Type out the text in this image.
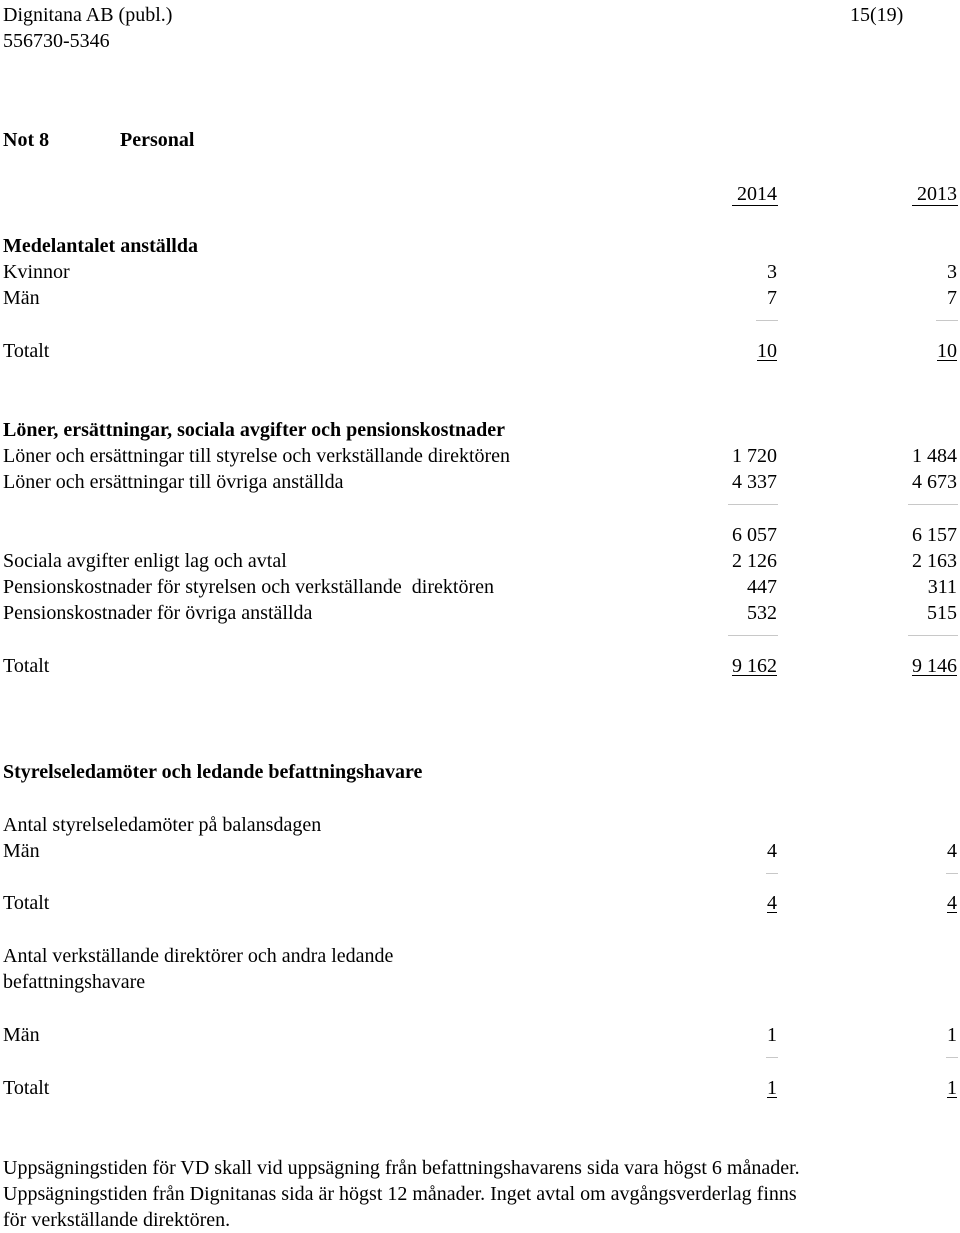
Dignitana AB (publ.)
556730-5346
15(19)
Not 8	Personal
2014	2013
Medelantalet anställda
Kvinnor	3	3
Män	7	7
Totalt	10	10
Löner, ersättningar, sociala avgifter och pensionskostnader
Löner och ersättningar till styrelse och verkställande direktören	1 720	1 484
Löner och ersättningar till övriga anställda	4 337	4 673
6 057	6 157
Sociala avgifter enligt lag och avtal	2 126	2 163
Pensionskostnader för styrelsen och verkställande  direktören	447	311
Pensionskostnader för övriga anställda	532	515
Totalt	9 162	9 146
Styrelseledamöter och ledande befattningshavare
Antal styrelseledamöter på balansdagen
Män	4	4
Totalt	4	4
Antal verkställande direktörer och andra ledande
befattningshavare
Män	1	1
Totalt	1	1
Uppsägningstiden för VD skall vid uppsägning från befattningshavarens sida vara högst 6 månader.
Uppsägningstiden från Dignitanas sida är högst 12 månader. Inget avtal om avgångsverderlag finns
för verkställande direktören.
